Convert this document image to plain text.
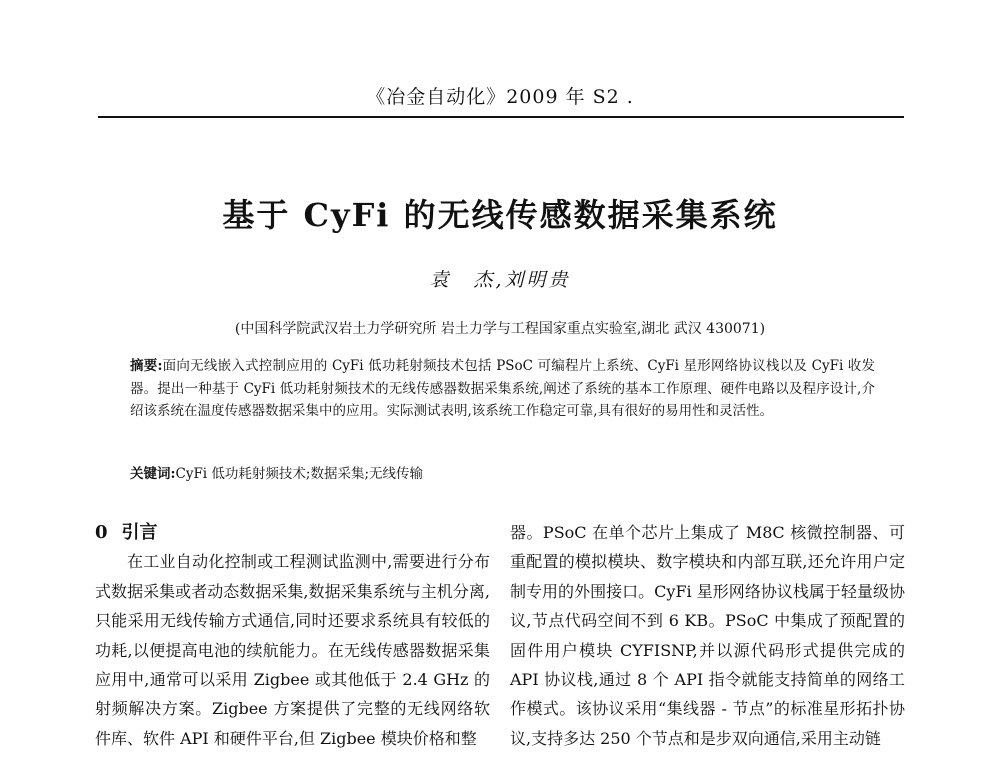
《冶金自动化》2009 年 S2 .
基于 CyFi 的无线传感数据采集系统
袁　杰,刘明贵
(中国科学院武汉岩土力学研究所 岩土力学与工程国家重点实验室,湖北 武汉 430071)
摘要:面向无线嵌入式控制应用的 CyFi 低功耗射频技术包括 PSoC 可编程片上系统、CyFi 星形网络协议栈以及 CyFi 收发器。提出一种基于 CyFi 低功耗射频技术的无线传感器数据采集系统,阐述了系统的基本工作原理、硬件电路以及程序设计,介绍该系统在温度传感器数据采集中的应用。实际测试表明,该系统工作稳定可靠,具有很好的易用性和灵活性。
关键词:CyFi 低功耗射频技术;数据采集;无线传输
0 引言

在工业自动化控制或工程测试监测中,需要进行分布式数据采集或者动态数据采集,数据采集系统与主机分离,只能采用无线传输方式通信,同时还要求系统具有较低的功耗,以便提高电池的续航能力。在无线传感器数据采集应用中,通常可以采用 Zigbee 或其他低于 2.4 GHz 的射频解决方案。Zigbee 方案提供了完整的无线网络软件库、软件 API 和硬件平台,但 Zigbee 模块价格和整

器。PSoC 在单个芯片上集成了 M8C 核微控制器、可重配置的模拟模块、数字模块和内部互联,还允许用户定制专用的外围接口。CyFi 星形网络协议栈属于轻量级协议,节点代码空间不到 6 KB。PSoC 中集成了预配置的固件用户模块 CYFISNP,并以源代码形式提供完成的 API 协议栈,通过 8 个 API 指令就能支持简单的网络工作模式。该协议采用“集线器 - 节点”的标准星形拓扑协议,支持多达 250 个节点和是步双向通信,采用主动链
